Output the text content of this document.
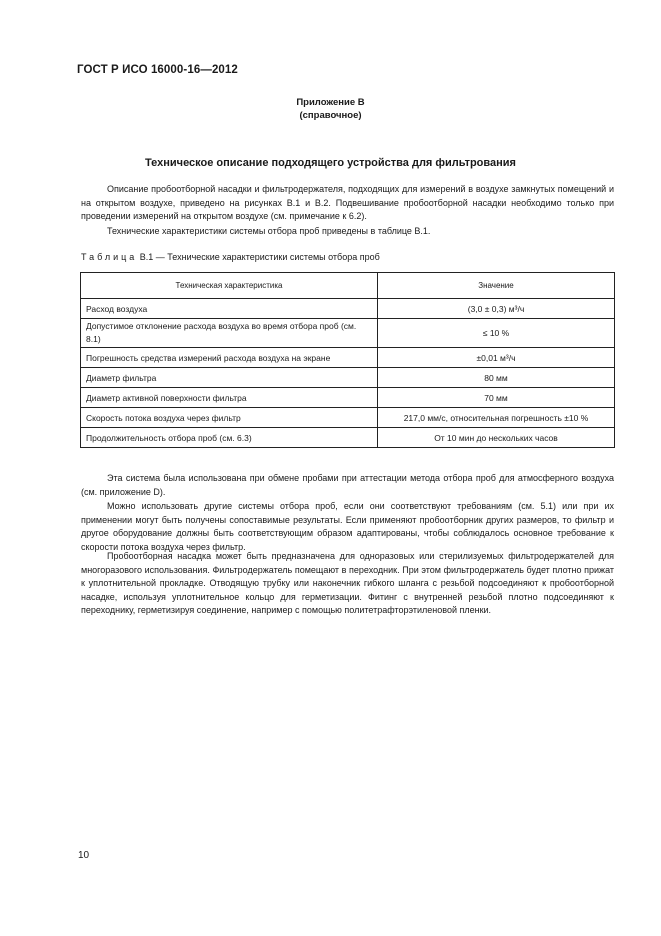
ГОСТ Р ИСО 16000-16—2012
Приложение В
(справочное)
Техническое описание подходящего устройства для фильтрования
Описание пробоотборной насадки и фильтродержателя, подходящих для измерений в воздухе замкнутых помещений и на открытом воздухе, приведено на рисунках В.1 и В.2. Подвешивание пробоотборной насадки необходимо только при проведении измерений на открытом воздухе (см. примечание к 6.2).
Технические характеристики системы отбора проб приведены в таблице В.1.
Таблица В.1 — Технические характеристики системы отбора проб
Техническая характеристика	Значение
Расход воздуха	(3,0 ± 0,3) м³/ч
Допустимое отклонение расхода воздуха во время отбора проб (см. 8.1)	≤ 10 %
Погрешность средства измерений расхода воздуха на экране	±0,01 м³/ч
Диаметр фильтра	80 мм
Диаметр активной поверхности фильтра	70 мм
Скорость потока воздуха через фильтр	217,0 мм/с, относительная погрешность ±10 %
Продолжительность отбора проб (см. 6.3)	От 10 мин до нескольких часов
Эта система была использована при обмене пробами при аттестации метода отбора проб для атмосферного воздуха (см. приложение D).
Можно использовать другие системы отбора проб, если они соответствуют требованиям (см. 5.1) или при их применении могут быть получены сопоставимые результаты. Если применяют пробоотборник других размеров, то фильтр и другое оборудование должны быть соответствующим образом адаптированы, чтобы соблюдалось основное требование к скорости потока воздуха через фильтр.
Пробоотборная насадка может быть предназначена для одноразовых или стерилизуемых фильтродержателей для многоразового использования. Фильтродержатель помещают в переходник. При этом фильтродержатель будет плотно прижат к уплотнительной прокладке. Отводящую трубку или наконечник гибкого шланга с резьбой подсоединяют к пробоотборной насадке, используя уплотнительное кольцо для герметизации. Фитинг с внутренней резьбой плотно подсоединяют к переходнику, герметизируя соединение, например с помощью политетрафторэтиленовой пленки.
10
